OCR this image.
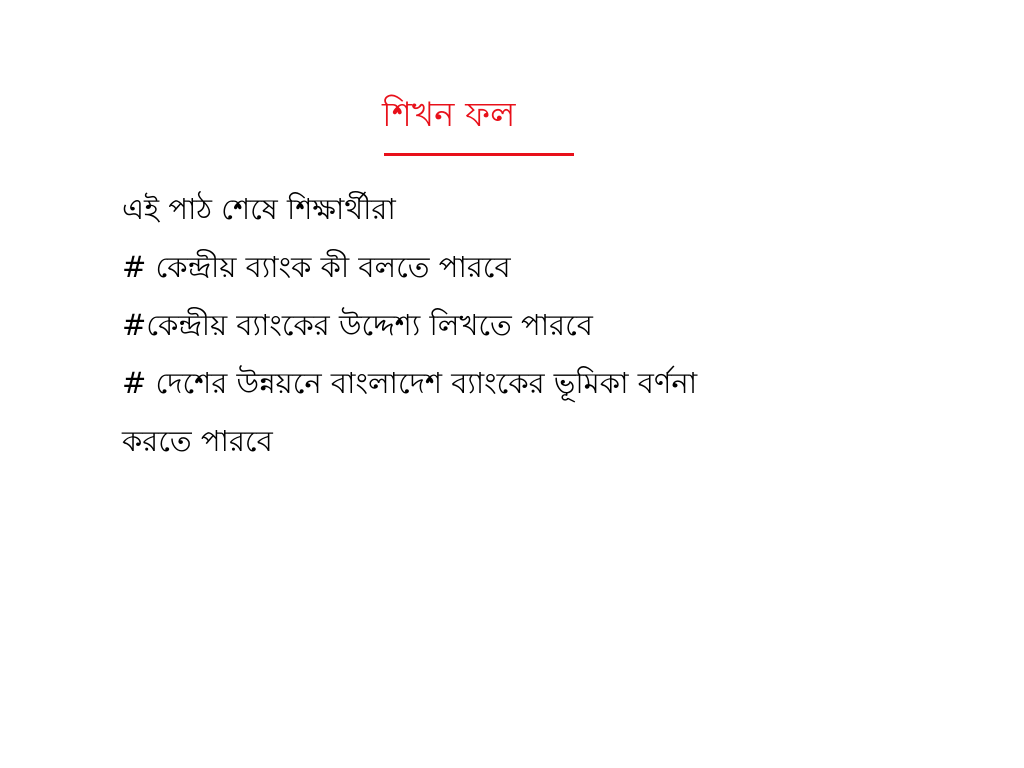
শিখন ফল
এই পাঠ শেষে শিক্ষার্থীরা
# কেন্দ্রীয় ব্যাংক কী বলতে পারবে
#কেন্দ্রীয় ব্যাংকের উদ্দেশ্য লিখতে পারবে
# দেশের উন্নয়নে বাংলাদেশ ব্যাংকের ভূমিকা বর্ণনা
করতে পারবে
